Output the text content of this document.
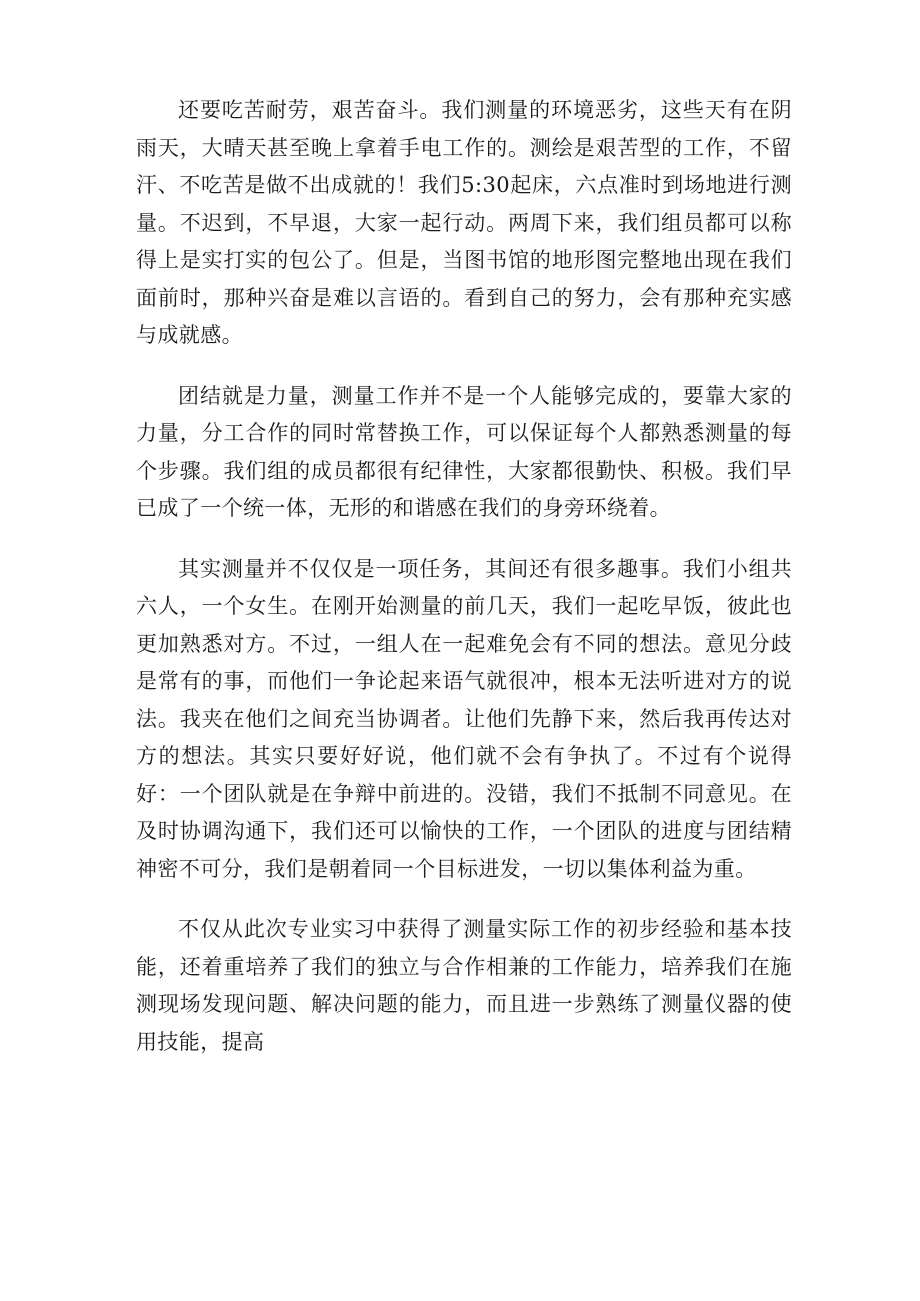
还要吃苦耐劳，艰苦奋斗。我们测量的环境恶劣，这些天有在阴雨天，大晴天甚至晚上拿着手电工作的。测绘是艰苦型的工作，不留汗、不吃苦是做不出成就的！我们5:30起床，六点准时到场地进行测量。不迟到，不早退，大家一起行动。两周下来，我们组员都可以称得上是实打实的包公了。但是，当图书馆的地形图完整地出现在我们面前时，那种兴奋是难以言语的。看到自己的努力，会有那种充实感与成就感。

团结就是力量，测量工作并不是一个人能够完成的，要靠大家的力量，分工合作的同时常替换工作，可以保证每个人都熟悉测量的每个步骤。我们组的成员都很有纪律性，大家都很勤快、积极。我们早已成了一个统一体，无形的和谐感在我们的身旁环绕着。

其实测量并不仅仅是一项任务，其间还有很多趣事。我们小组共六人，一个女生。在刚开始测量的前几天，我们一起吃早饭，彼此也更加熟悉对方。不过，一组人在一起难免会有不同的想法。意见分歧是常有的事，而他们一争论起来语气就很冲，根本无法听进对方的说法。我夹在他们之间充当协调者。让他们先静下来，然后我再传达对方的想法。其实只要好好说，他们就不会有争执了。不过有个说得好：一个团队就是在争辩中前进的。没错，我们不抵制不同意见。在及时协调沟通下，我们还可以愉快的工作，一个团队的进度与团结精神密不可分，我们是朝着同一个目标进发，一切以集体利益为重。

不仅从此次专业实习中获得了测量实际工作的初步经验和基本技能，还着重培养了我们的独立与合作相兼的工作能力，培养我们在施测现场发现问题、解决问题的能力，而且进一步熟练了测量仪器的使用技能，提高
